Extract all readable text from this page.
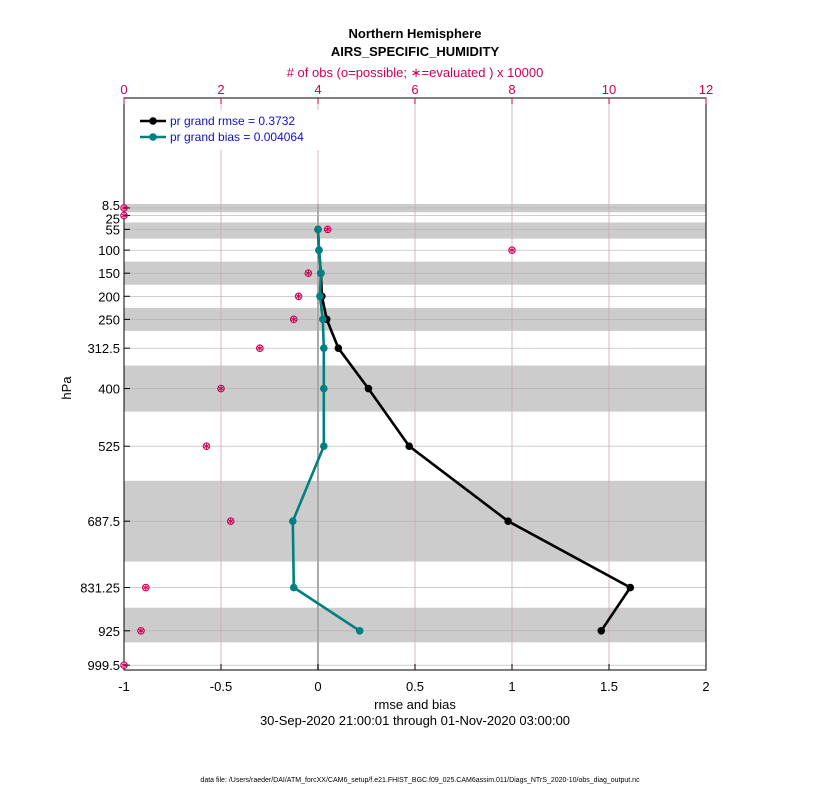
-1	-0.5	0	0.5	1	1.5	2
0	2	4	6	8	10	12
8.5
25
55
100
150
200
250
312.5
400
525
687.5
831.25
925
999.5
Northern Hemisphere
AIRS_SPECIFIC_HUMIDITY
# of obs (o=possible; ∗=evaluated ) x 10000
rmse and bias
30-Sep-2020 21:00:01 through 01-Nov-2020 03:00:00
hPa
data file: /Users/raeder/DAI/ATM_forcXX/CAM6_setup/f.e21.FHIST_BGC.f09_025.CAM6assim.011/Diags_NTrS_2020-10/obs_diag_output.nc
pr grand rmse = 0.3732
pr grand bias = 0.004064
